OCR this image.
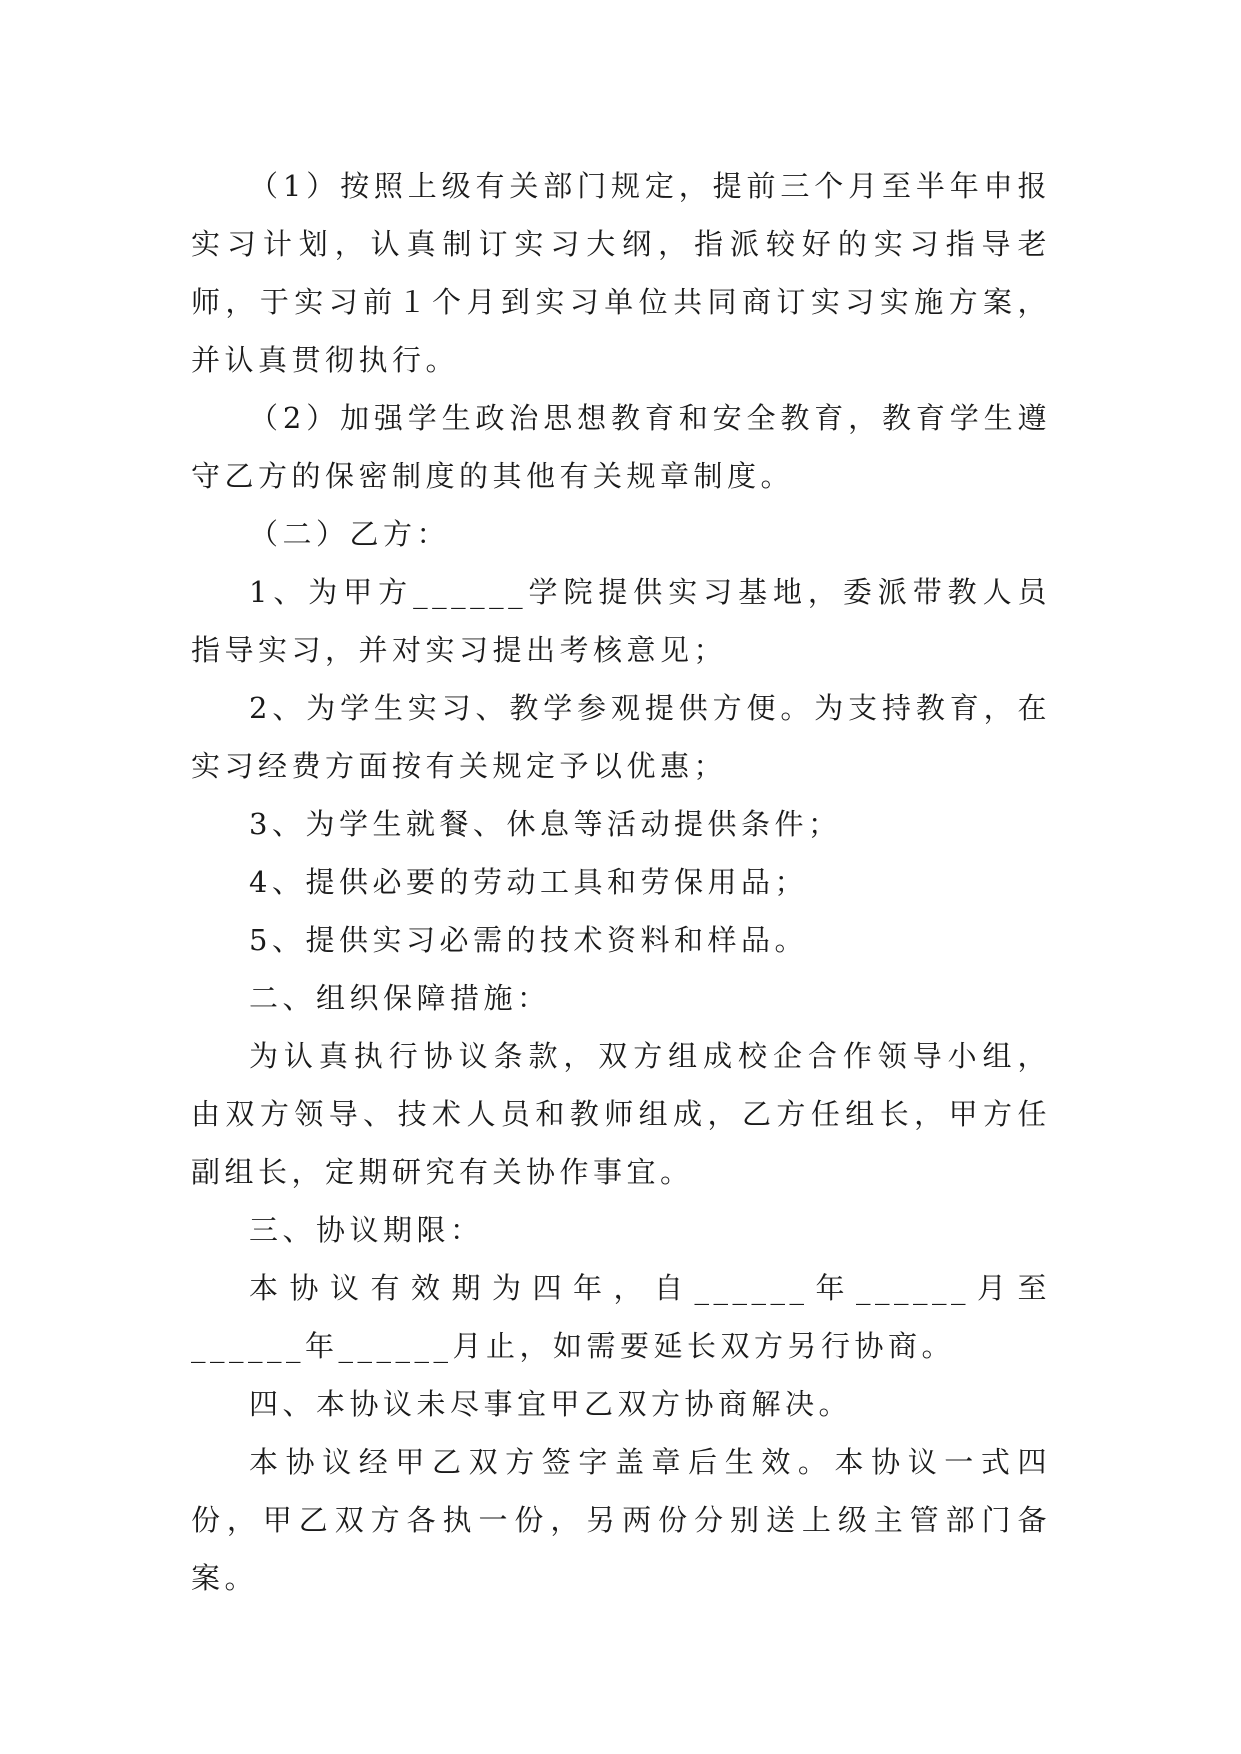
（1）按照上级有关部门规定，提前三个月至半年申报实习计划，认真制订实习大纲，指派较好的实习指导老师，于实习前１个月到实习单位共同商订实习实施方案，并认真贯彻执行。

（2）加强学生政治思想教育和安全教育，教育学生遵守乙方的保密制度的其他有关规章制度。

（二）乙方：

1、为甲方______学院提供实习基地，委派带教人员指导实习，并对实习提出考核意见；

2、为学生实习、教学参观提供方便。为支持教育，在实习经费方面按有关规定予以优惠；

3、为学生就餐、休息等活动提供条件；

4、提供必要的劳动工具和劳保用品；

5、提供实习必需的技术资料和样品。

二、组织保障措施：

为认真执行协议条款，双方组成校企合作领导小组，由双方领导、技术人员和教师组成，乙方任组长，甲方任副组长，定期研究有关协作事宜。

三、协议期限：

本协议有效期为四年，自______年______月至______年______月止，如需要延长双方另行协商。

四、本协议未尽事宜甲乙双方协商解决。

本协议经甲乙双方签字盖章后生效。本协议一式四份，甲乙双方各执一份，另两份分别送上级主管部门备案。
